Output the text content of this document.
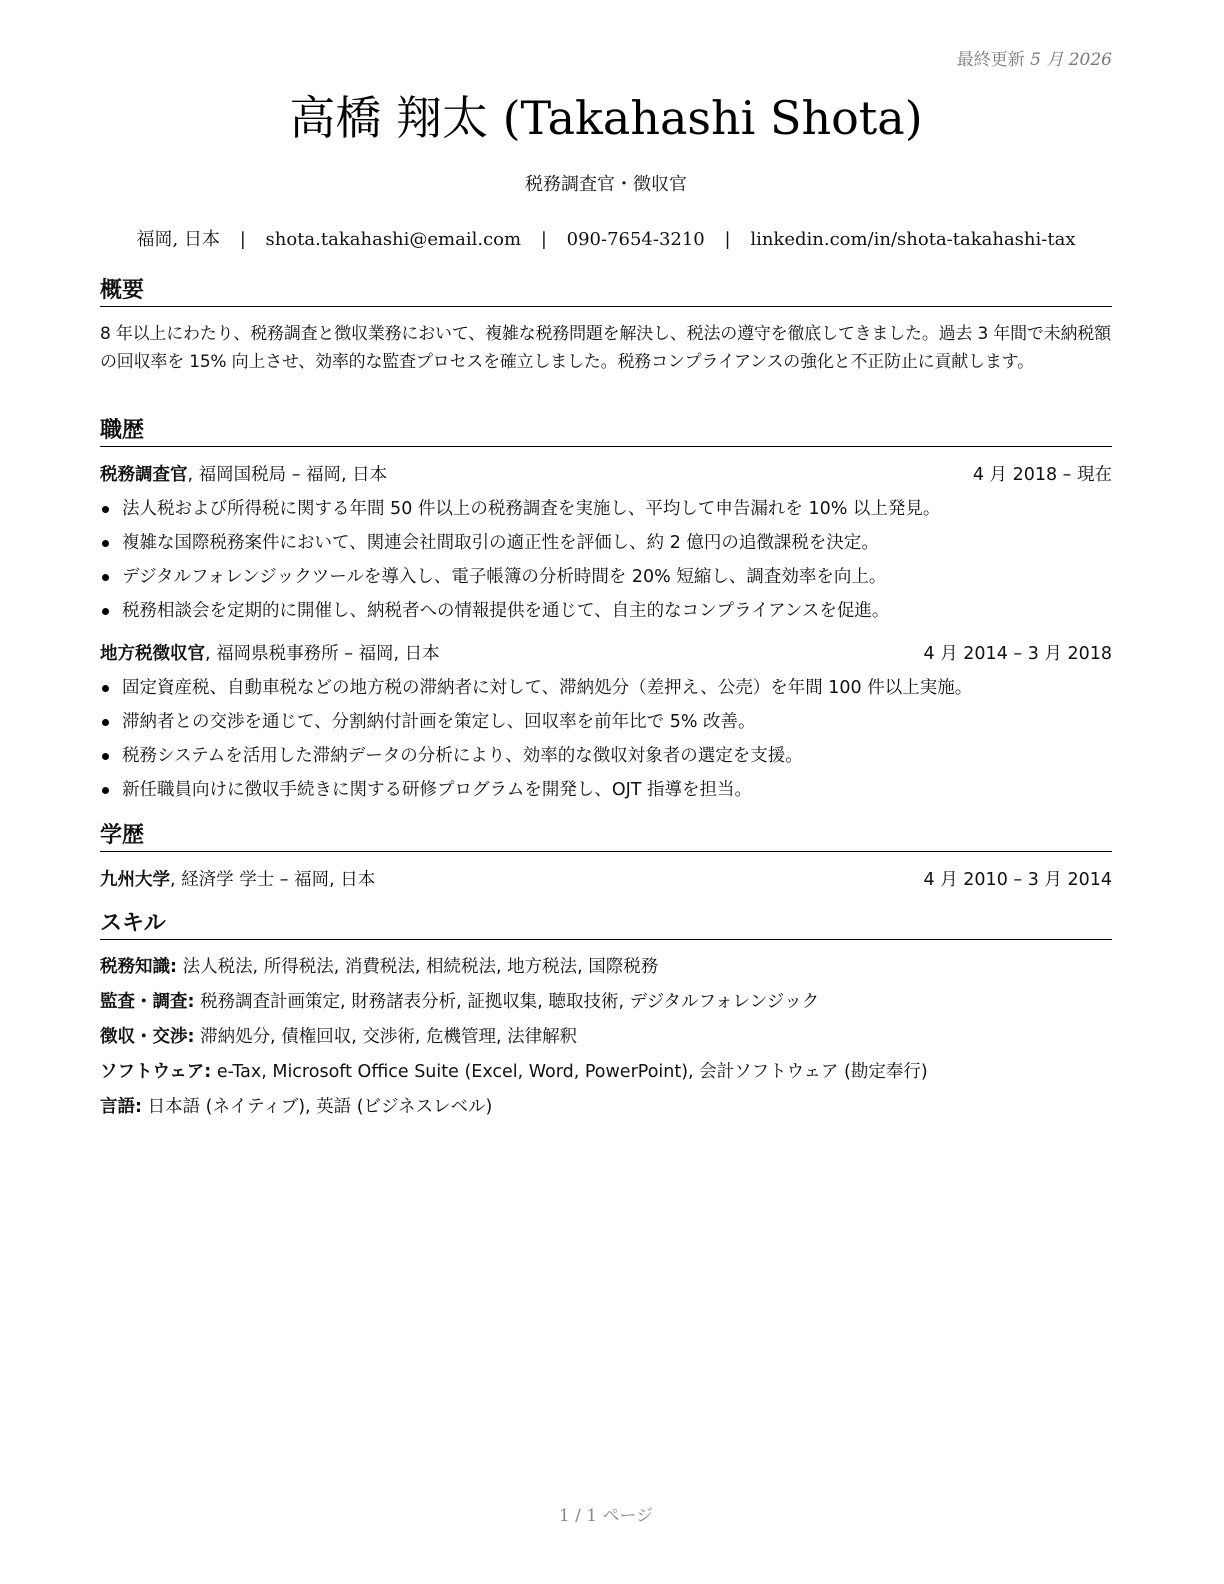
最終更新 5 月 2026
高橋 翔太 (Takahashi Shota)
税務調査官・徴収官
福岡, 日本 | shota.takahashi@email.com | 090-7654-3210 | linkedin.com/in/shota-takahashi-tax
概要
8 年以上にわたり、税務調査と徴収業務において、複雑な税務問題を解決し、税法の遵守を徹底してきました。過去 3 年間で未納税額の回収率を 15% 向上させ、効率的な監査プロセスを確立しました。税務コンプライアンスの強化と不正防止に貢献します。
職歴
税務調査官, 福岡国税局 – 福岡, 日本	4 月 2018 – 現在
法人税および所得税に関する年間 50 件以上の税務調査を実施し、平均して申告漏れを 10% 以上発見。
複雑な国際税務案件において、関連会社間取引の適正性を評価し、約 2 億円の追徴課税を決定。
デジタルフォレンジックツールを導入し、電子帳簿の分析時間を 20% 短縮し、調査効率を向上。
税務相談会を定期的に開催し、納税者への情報提供を通じて、自主的なコンプライアンスを促進。
地方税徴収官, 福岡県税事務所 – 福岡, 日本	4 月 2014 – 3 月 2018
固定資産税、自動車税などの地方税の滞納者に対して、滞納処分（差押え、公売）を年間 100 件以上実施。
滞納者との交渉を通じて、分割納付計画を策定し、回収率を前年比で 5% 改善。
税務システムを活用した滞納データの分析により、効率的な徴収対象者の選定を支援。
新任職員向けに徴収手続きに関する研修プログラムを開発し、OJT 指導を担当。
学歴
九州大学, 経済学 学士 – 福岡, 日本	4 月 2010 – 3 月 2014
スキル
税務知識: 法人税法, 所得税法, 消費税法, 相続税法, 地方税法, 国際税務
監査・調査: 税務調査計画策定, 財務諸表分析, 証拠収集, 聴取技術, デジタルフォレンジック
徴収・交渉: 滞納処分, 債権回収, 交渉術, 危機管理, 法律解釈
ソフトウェア: e-Tax, Microsoft Office Suite (Excel, Word, PowerPoint), 会計ソフトウェア (勘定奉行)
言語: 日本語 (ネイティブ), 英語 (ビジネスレベル)
1 / 1 ページ
